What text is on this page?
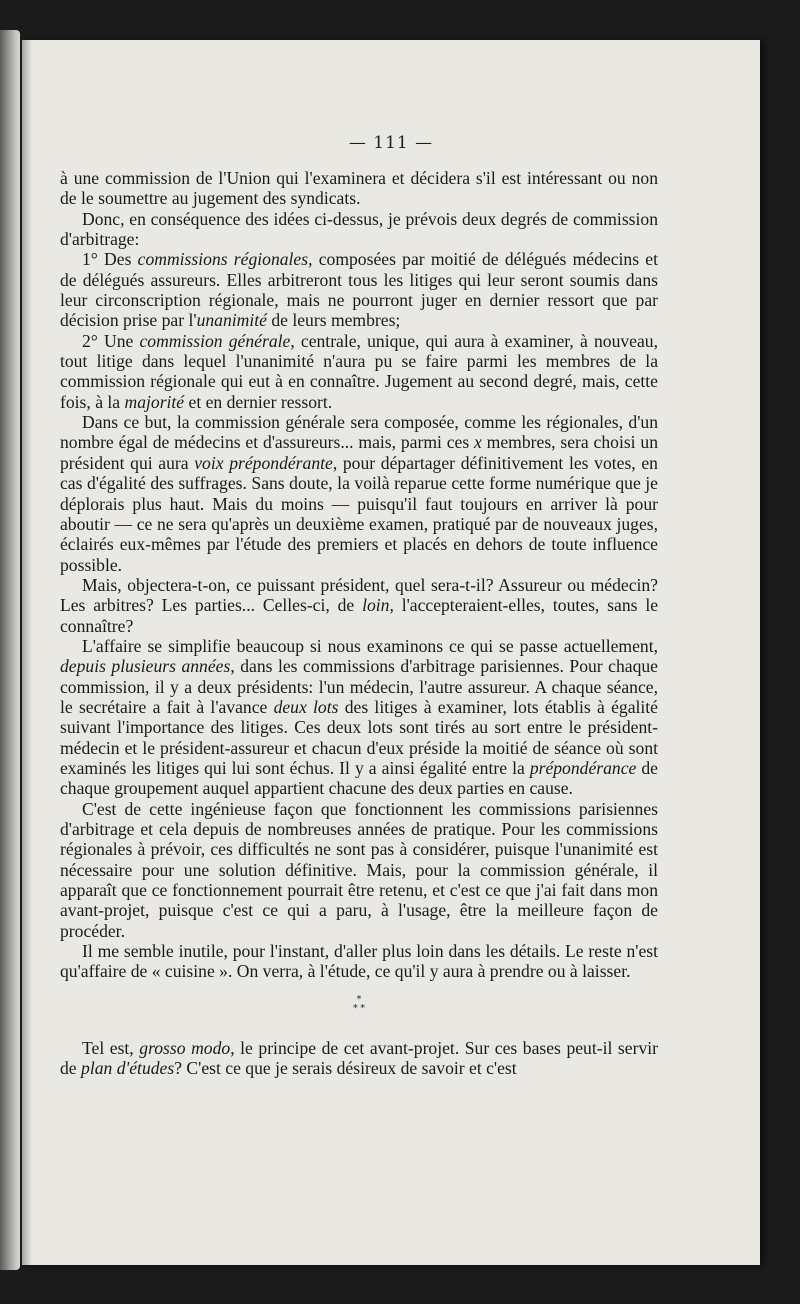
— 111 —

à une commission de l'Union qui l'examinera et décidera s'il est intéressant ou non de le soumettre au jugement des syndicats.

Donc, en conséquence des idées ci-dessus, je prévois deux degrés de commission d'arbitrage:

1° Des commissions régionales, composées par moitié de délégués médecins et de délégués assureurs. Elles arbitreront tous les litiges qui leur seront soumis dans leur circonscription régionale, mais ne pourront juger en dernier ressort que par décision prise par l'unanimité de leurs membres;

2° Une commission générale, centrale, unique, qui aura à examiner, à nouveau, tout litige dans lequel l'unanimité n'aura pu se faire parmi les membres de la commission régionale qui eut à en connaître. Jugement au second degré, mais, cette fois, à la majorité et en dernier ressort.

Dans ce but, la commission générale sera composée, comme les régionales, d'un nombre égal de médecins et d'assureurs... mais, parmi ces x membres, sera choisi un président qui aura voix prépondérante, pour départager définitivement les votes, en cas d'égalité des suffrages. Sans doute, la voilà reparue cette forme numérique que je déplorais plus haut. Mais du moins — puisqu'il faut toujours en arriver là pour aboutir — ce ne sera qu'après un deuxième examen, pratiqué par de nouveaux juges, éclairés eux-mêmes par l'étude des premiers et placés en dehors de toute influence possible.

Mais, objectera-t-on, ce puissant président, quel sera-t-il? Assureur ou médecin? Les arbitres? Les parties... Celles-ci, de loin, l'accepteraient-elles, toutes, sans le connaître?

L'affaire se simplifie beaucoup si nous examinons ce qui se passe actuellement, depuis plusieurs années, dans les commissions d'arbitrage parisiennes. Pour chaque commission, il y a deux présidents: l'un médecin, l'autre assureur. A chaque séance, le secrétaire a fait à l'avance deux lots des litiges à examiner, lots établis à égalité suivant l'importance des litiges. Ces deux lots sont tirés au sort entre le président-médecin et le président-assureur et chacun d'eux préside la moitié de séance où sont examinés les litiges qui lui sont échus. Il y a ainsi égalité entre la prépondérance de chaque groupement auquel appartient chacune des deux parties en cause.

C'est de cette ingénieuse façon que fonctionnent les commissions parisiennes d'arbitrage et cela depuis de nombreuses années de pratique. Pour les commissions régionales à prévoir, ces difficultés ne sont pas à considérer, puisque l'unanimité est nécessaire pour une solution définitive. Mais, pour la commission générale, il apparaît que ce fonctionnement pourrait être retenu, et c'est ce que j'ai fait dans mon avant-projet, puisque c'est ce qui a paru, à l'usage, être la meilleure façon de procéder.

Il me semble inutile, pour l'instant, d'aller plus loin dans les détails. Le reste n'est qu'affaire de « cuisine ». On verra, à l'étude, ce qu'il y aura à prendre ou à laisser.

*
* *

Tel est, grosso modo, le principe de cet avant-projet. Sur ces bases peut-il servir de plan d'études? C'est ce que je serais désireux de savoir et c'est
